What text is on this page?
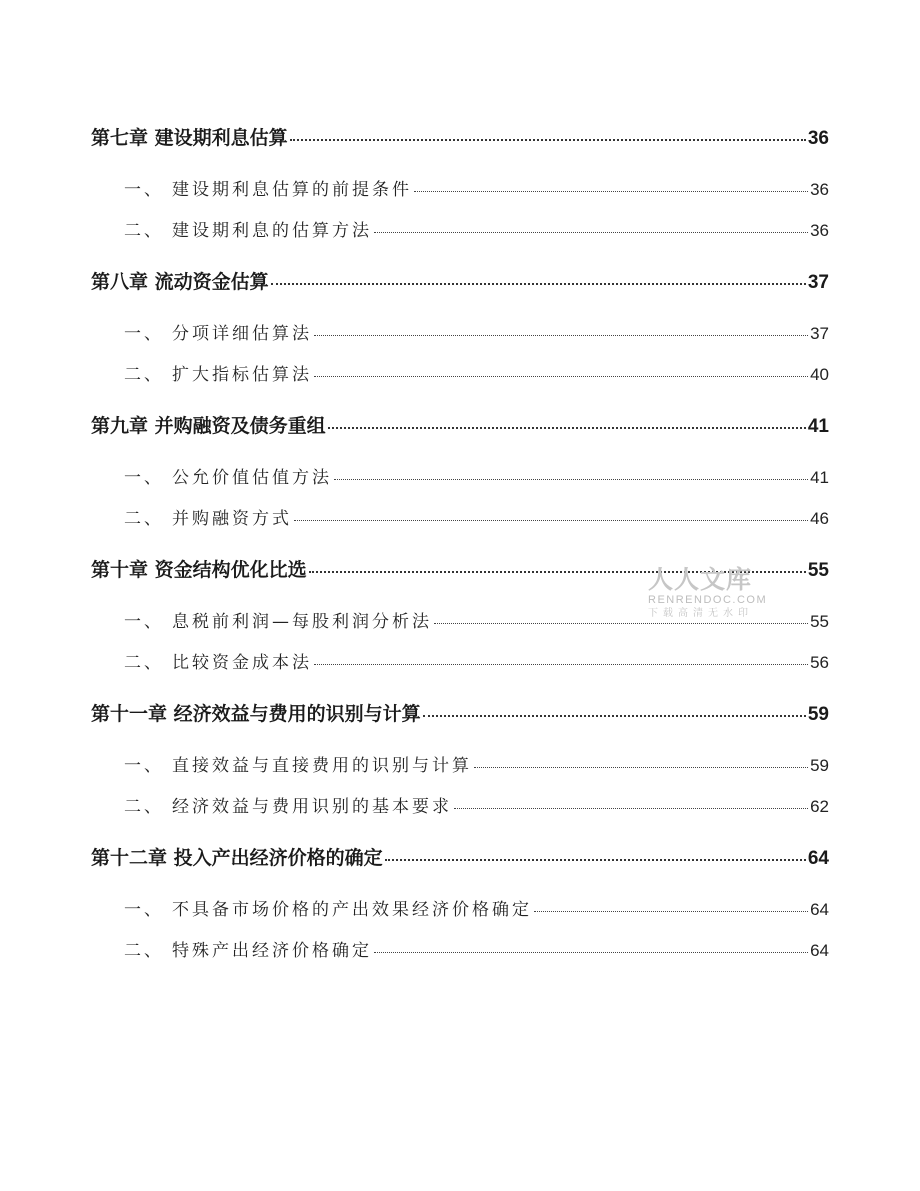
第七章 建设期利息估算	36
一、 建设期利息估算的前提条件	36
二、 建设期利息的估算方法	36
第八章 流动资金估算	37
一、 分项详细估算法	37
二、 扩大指标估算法	40
第九章 并购融资及债务重组	41
一、 公允价值估值方法	41
二、 并购融资方式	46
第十章 资金结构优化比选	55
一、 息税前利润—每股利润分析法	55
二、 比较资金成本法	56
第十一章 经济效益与费用的识别与计算	59
一、 直接效益与直接费用的识别与计算	59
二、 经济效益与费用识别的基本要求	62
第十二章 投入产出经济价格的确定	64
一、 不具备市场价格的产出效果经济价格确定	64
二、 特殊产出经济价格确定	64
人人文库
RENRENDOC.COM
下载高清无水印
